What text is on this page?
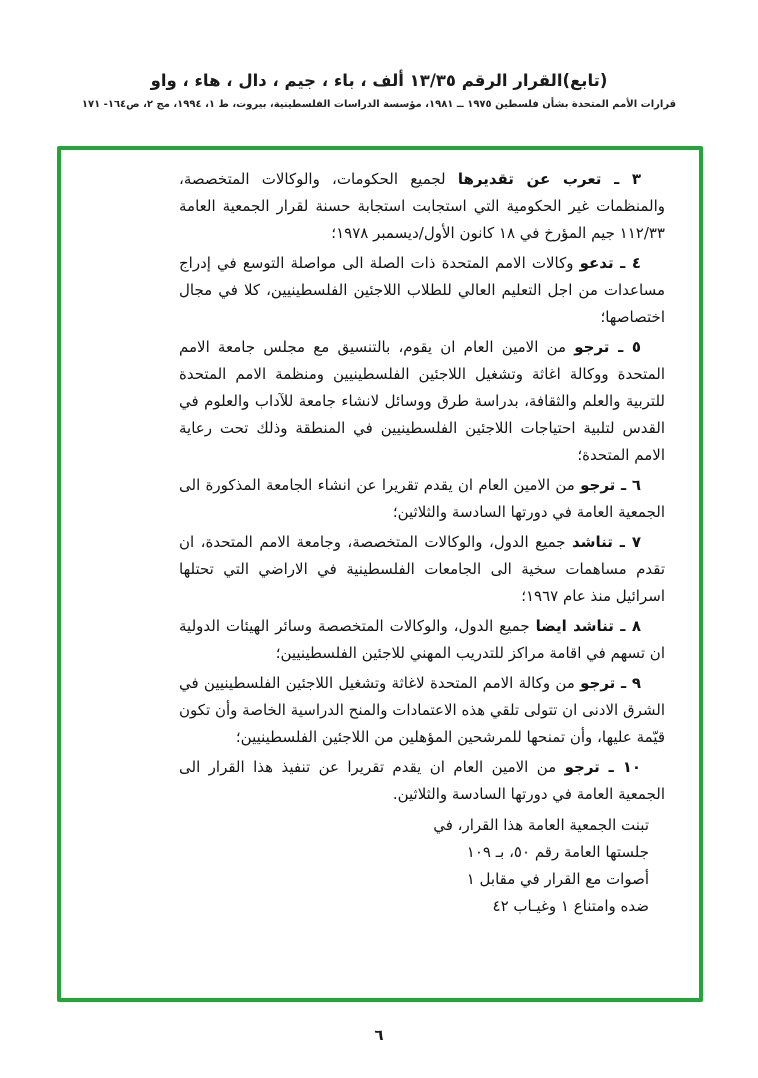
(تابع)القرار الرقم ١٣/٣٥ ألف ، باء ، جيم ، دال ، هاء ، واو
قرارات الأمم المتحدة بشأن فلسطين ١٩٧٥ ــ ١٩٨١، مؤسسة الدراسات الفلسطينية، بيروت، ط ١، ١٩٩٤، مج ٢، ص١٦٤- ١٧١

٣ ـ تعرب عن تقديرها لجميع الحكومات، والوكالات المتخصصة، والمنظمات غير الحكومية التي استجابت استجابة حسنة لقرار الجمعية العامة ١١٢/٣٣ جيم المؤرخ في ١٨ كانون الأول/ديسمبر ١٩٧٨؛

٤ ـ تدعو وكالات الامم المتحدة ذات الصلة الى مواصلة التوسع في إدراج مساعدات من اجل التعليم العالي للطلاب اللاجئين الفلسطينيين، كلا في مجال اختصاصها؛

٥ ـ ترجو من الامين العام ان يقوم، بالتنسيق مع مجلس جامعة الامم المتحدة ووكالة اغاثة وتشغيل اللاجئين الفلسطينيين ومنظمة الامم المتحدة للتربية والعلم والثقافة، بدراسة طرق ووسائل لانشاء جامعة للآداب والعلوم في القدس لتلبية احتياجات اللاجئين الفلسطينيين في المنطقة وذلك تحت رعاية الامم المتحدة؛

٦ ـ ترجو من الامين العام ان يقدم تقريرا عن انشاء الجامعة المذكورة الى الجمعية العامة في دورتها السادسة والثلاثين؛

٧ ـ تناشد جميع الدول، والوكالات المتخصصة، وجامعة الامم المتحدة، ان تقدم مساهمات سخية الى الجامعات الفلسطينية في الاراضي التي تحتلها اسرائيل منذ عام ١٩٦٧؛

٨ ـ تناشد ايضا جميع الدول، والوكالات المتخصصة وسائر الهيئات الدولية ان تسهم في اقامة مراكز للتدريب المهني للاجئين الفلسطينيين؛

٩ ـ ترجو من وكالة الامم المتحدة لاغاثة وتشغيل اللاجئين الفلسطينيين في الشرق الادنى ان تتولى تلقي هذه الاعتمادات والمنح الدراسية الخاصة وأن تكون قيّمة عليها، وأن تمنحها للمرشحين المؤهلين من اللاجئين الفلسطينيين؛

١٠ ـ ترجو من الامين العام ان يقدم تقريرا عن تنفيذ هذا القرار الى الجمعية العامة في دورتها السادسة والثلاثين.

تبنت الجمعية العامة هذا القرار، في
جلستها العامة رقم ٥٠، بـ ١٠٩
أصوات مع القرار في مقابل ١
ضده وامتناع ١ وغيـاب ٤٢
٦
